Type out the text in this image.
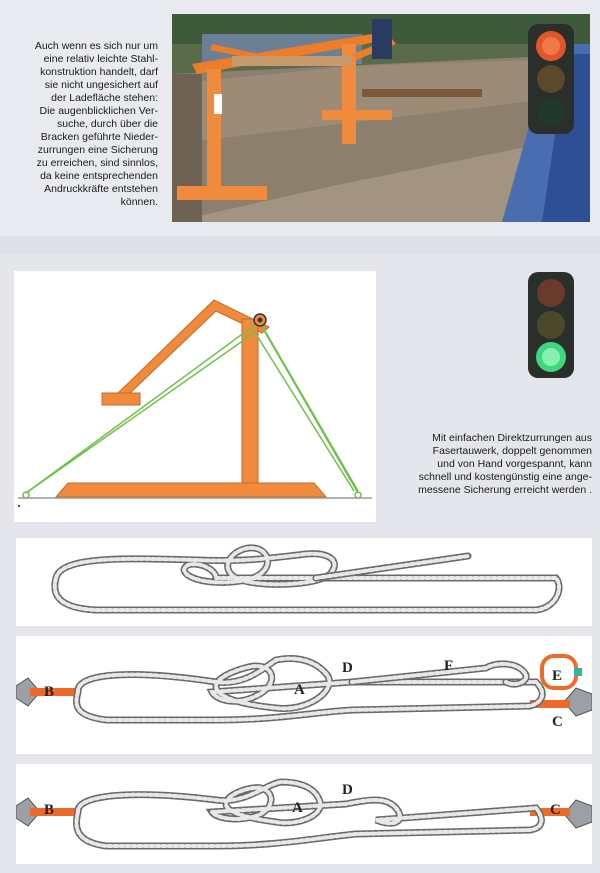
Auch wenn es sich nur um
eine relativ leichte Stahl-
konstruktion handelt, darf
sie nicht ungesichert auf
der Ladefläche stehen:
Die augenblicklichen Ver-
suche, durch über die
Bracken geführte Nieder-
zurrungen eine Sicherung
zu erreichen, sind sinnlos,
da keine entsprechenden
Andruckkräfte entstehen
können.
Mit einfachen Direktzurrungen aus
Fasertauwerk, doppelt genommen
und von Hand vorgespannt, kann
schnell und kostengünstig eine ange-
messene Sicherung erreicht werden .
B	A
D	F
E
C
B	A
D
C
